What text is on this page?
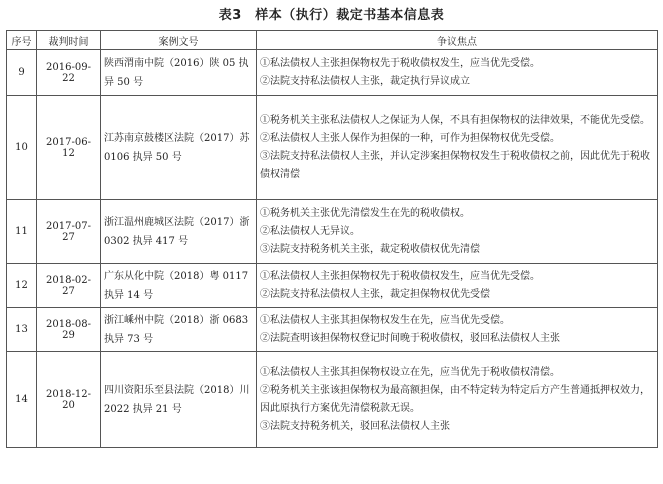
表3　样本（执行）裁定书基本信息表
序号	裁判时间	案例文号	争议焦点
9	2016-09-22	陕西渭南中院（2016）陕 05 执异 50 号	①私法债权人主张担保物权先于税收债权发生，应当优先受偿。
②法院支持私法债权人主张，裁定执行异议成立

10	2017-06-12	江苏南京鼓楼区法院（2017）苏 0106 执异 50 号	①税务机关主张私法债权人之保证为人保，不具有担保物权的法律效果，不能优先受偿。
②私法债权人主张人保作为担保的一种，可作为担保物权优先受偿。
③法院支持私法债权人主张，并认定涉案担保物权发生于税收债权之前，因此优先于税收债权清偿

11	2017-07-27	浙江温州鹿城区法院（2017）浙 0302 执异 417 号	①税务机关主张优先清偿发生在先的税收债权。
②私法债权人无异议。
③法院支持税务机关主张，裁定税收债权优先清偿

12	2018-02-27	广东从化中院（2018）粤 0117 执异 14 号	①私法债权人主张担保物权先于税收债权发生，应当优先受偿。
②法院支持私法债权人主张，裁定担保物权优先受偿

13	2018-08-29	浙江嵊州中院（2018）浙 0683 执异 73 号	①私法债权人主张其担保物权发生在先，应当优先受偿。
②法院查明该担保物权登记时间晚于税收债权，驳回私法债权人主张

14	2018-12-20	四川资阳乐至县法院（2018）川 2022 执异 21 号	①私法债权人主张其担保物权设立在先，应当优先于税收债权清偿。
②税务机关主张该担保物权为最高额担保，由不特定转为特定后方产生普通抵押权效力，因此原执行方案优先清偿税款无误。
③法院支持税务机关，驳回私法债权人主张
